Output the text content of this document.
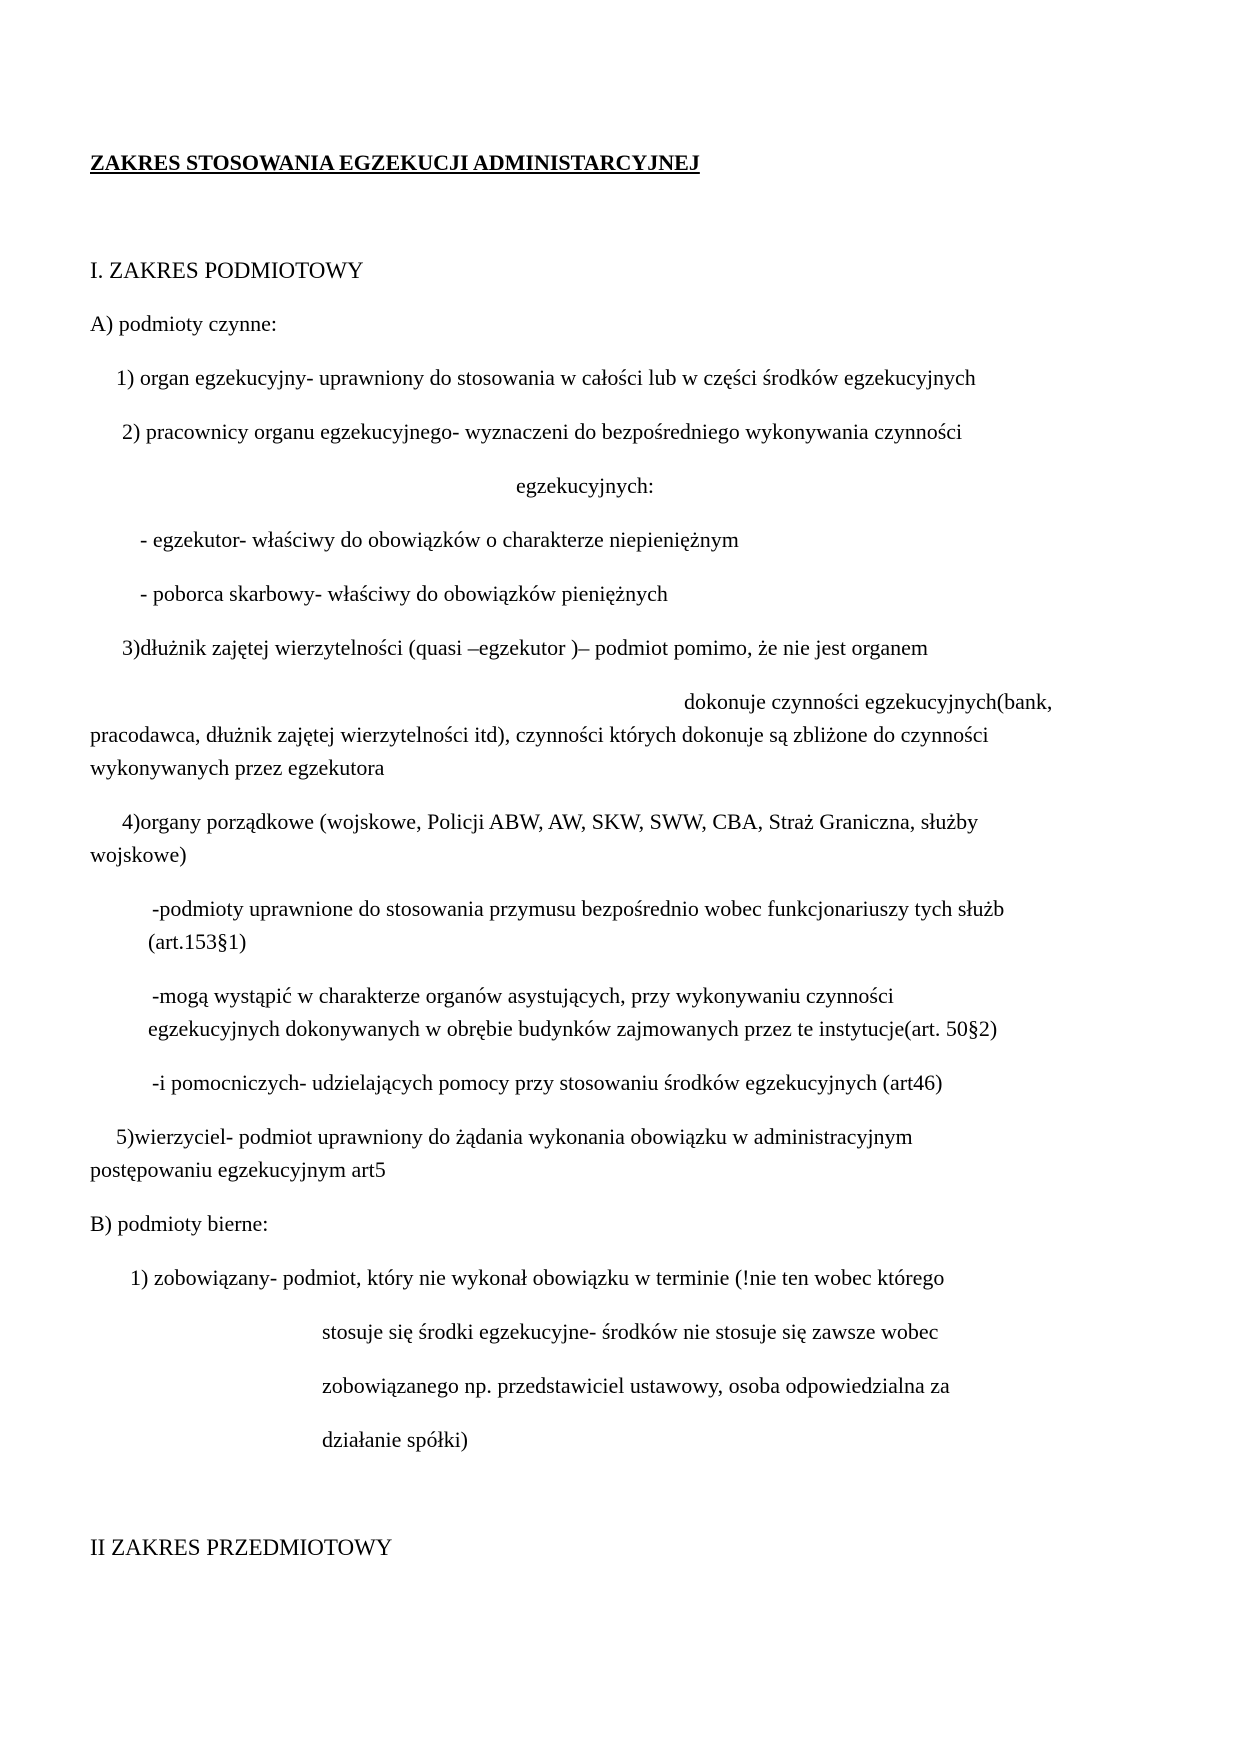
ZAKRES STOSOWANIA EGZEKUCJI ADMINISTARCYJNEJ
I. ZAKRES PODMIOTOWY
A) podmioty czynne:
1) organ egzekucyjny- uprawniony do stosowania w całości lub w części środków egzekucyjnych
2) pracownicy organu egzekucyjnego- wyznaczeni do bezpośredniego wykonywania czynności
egzekucyjnych:
- egzekutor- właściwy do obowiązków o charakterze niepieniężnym
- poborca skarbowy- właściwy do obowiązków pieniężnych
3)dłużnik zajętej wierzytelności (quasi –egzekutor )– podmiot pomimo, że nie jest organem
dokonuje czynności egzekucyjnych(bank,
pracodawca, dłużnik zajętej wierzytelności itd), czynności których dokonuje są zbliżone do czynności
wykonywanych przez egzekutora
4)organy porządkowe (wojskowe, Policji ABW, AW, SKW, SWW, CBA, Straż Graniczna, służby
wojskowe)
-podmioty uprawnione do stosowania przymusu bezpośrednio wobec funkcjonariuszy tych służb
(art.153§1)
-mogą wystąpić w charakterze organów asystujących, przy wykonywaniu czynności
egzekucyjnych dokonywanych w obrębie budynków zajmowanych przez te instytucje(art. 50§2)
-i pomocniczych- udzielających pomocy przy stosowaniu środków egzekucyjnych (art46)
5)wierzyciel- podmiot uprawniony do żądania wykonania obowiązku w administracyjnym
postępowaniu egzekucyjnym art5
B) podmioty bierne:
1) zobowiązany- podmiot, który nie wykonał obowiązku w terminie (!nie ten wobec którego
stosuje się środki egzekucyjne- środków nie stosuje się zawsze wobec
zobowiązanego np. przedstawiciel ustawowy, osoba odpowiedzialna za
działanie spółki)
II ZAKRES PRZEDMIOTOWY
